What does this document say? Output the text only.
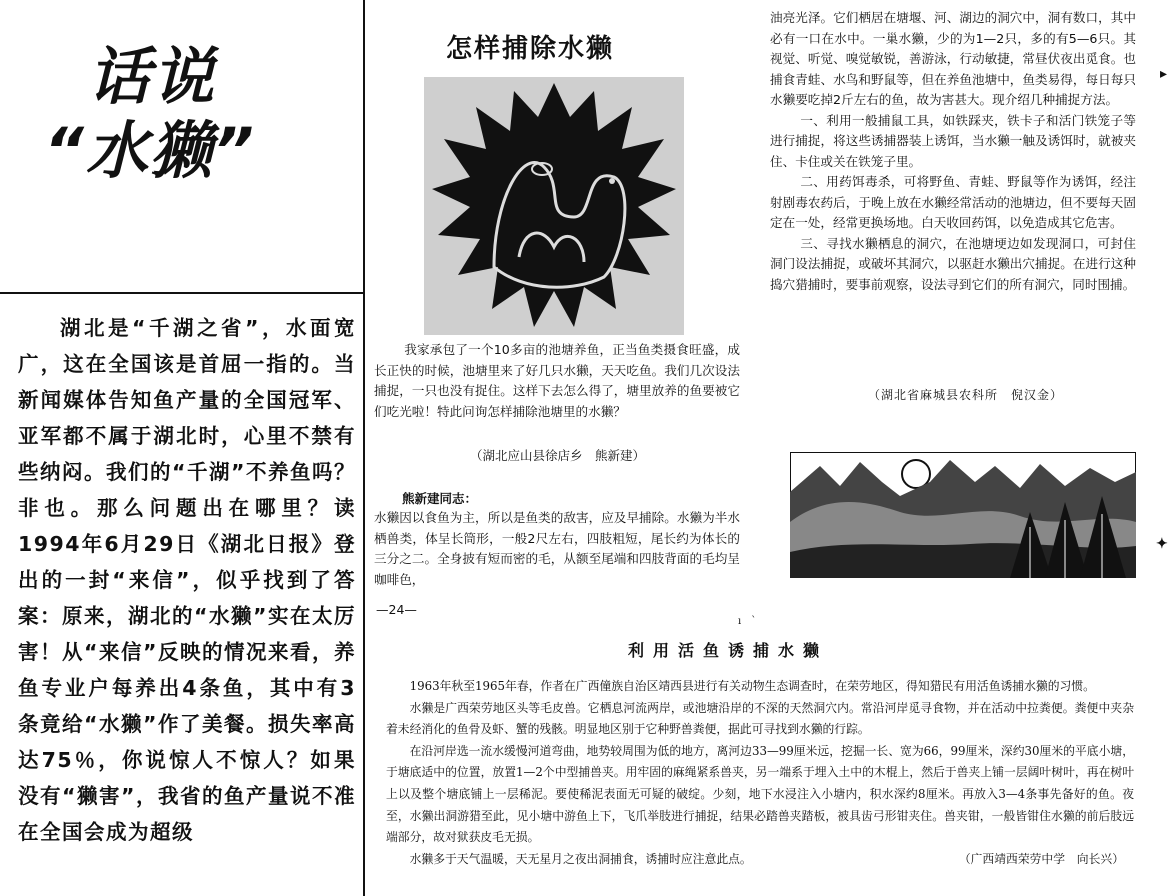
话说
“水獭”
湖北是“千湖之省”，水面宽广，这在全国该是首屈一指的。当新闻媒体告知鱼产量的全国冠军、亚军都不属于湖北时，心里不禁有些纳闷。我们的“千湖”不养鱼吗？非也。那么问题出在哪里？读1994年6月29日《湖北日报》登出的一封“来信”，似乎找到了答案：原来，湖北的“水獭”实在太厉害！从“来信”反映的情况来看，养鱼专业户每养出4条鱼，其中有3条竟给“水獭”作了美餐。损失率高达75％，你说惊人不惊人？如果没有“獭害”，我省的鱼产量说不准在全国会成为超级
怎样捕除水獭
我家承包了一个10多亩的池塘养鱼，正当鱼类摄食旺盛，成长正快的时候，池塘里来了好几只水獭，天天吃鱼。我们几次设法捕捉，一只也没有捉住。这样下去怎么得了，塘里放养的鱼要被它们吃光啦！特此问询怎样捕除池塘里的水獭？
（湖北应山县徐店乡　熊新建）
熊新建同志：
水獭因以食鱼为主，所以是鱼类的敌害，应及早捕除。水獭为半水栖兽类，体呈长筒形，一般2尺左右，四肢粗短，尾长约为体长的三分之二。全身披有短而密的毛，从额至尾端和四肢背面的毛均呈咖啡色，
—24—

油亮光泽。它们栖居在塘堰、河、湖边的洞穴中，洞有数口，其中必有一口在水中。一巢水獭，少的为1—2只，多的有5—6只。其视觉、听觉、嗅觉敏锐，善游泳，行动敏捷，常昼伏夜出觅食。也捕食青蛙、水鸟和野鼠等，但在养鱼池塘中，鱼类易得，每日每只水獭要吃掉2斤左右的鱼，故为害甚大。现介绍几种捕捉方法。

一、利用一般捕鼠工具，如铁踩夹，铁卡子和活门铁笼子等进行捕捉，将这些诱捕器装上诱饵，当水獭一触及诱饵时，就被夹住、卡住或关在铁笼子里。

二、用药饵毒杀，可将野鱼、青蛙、野鼠等作为诱饵，经注射剧毒农药后，于晚上放在水獭经常活动的池塘边，但不要每天固定在一处，经常更换场地。白天收回药饵，以免造成其它危害。

三、寻找水獭栖息的洞穴，在池塘埂边如发现洞口，可封住洞门设法捕捉，或破坏其洞穴，以驱赶水獭出穴捕捉。在进行这种捣穴猎捕时，要事前观察，设法寻到它们的所有洞穴，同时围捕。

（湖北省麻城县农科所　倪汉金）
▸
✦
ı　ˋ
利用活鱼诱捕水獭

1963年秋至1965年春，作者在广西僮族自治区靖西县进行有关动物生态调查时，在荣劳地区，得知猎民有用活鱼诱捕水獭的习惯。

水獭是广西荣劳地区头等毛皮兽。它栖息河流两岸，或池塘沿岸的不深的天然洞穴内。常沿河岸觅寻食物，并在活动中拉粪便。粪便中夹杂着未经消化的鱼骨及虾、蟹的残骸。明显地区别于它种野兽粪便，据此可寻找到水獭的行踪。

在沿河岸选一流水缓慢河道弯曲，地势较周围为低的地方，离河边33—99厘米远，挖掘一长、宽为66，99厘米，深约30厘米的平底小塘，于塘底适中的位置，放置1—2个中型捕兽夹。用牢固的麻绳紧系兽夹，另一端系于埋入土中的木棍上，然后于兽夹上铺一层阔叶树叶，再在树叶上以及整个塘底铺上一层稀泥。要使稀泥表面无可疑的破绽。少刻，地下水浸注入小塘内，积水深约8厘米。再放入3—4条事先备好的鱼。夜至，水獭出洞游猎至此，见小塘中游鱼上下，飞爪举肢进行捕捉，结果必踏兽夹踏板，被具齿弓形钳夹住。兽夹钳，一般皆钳住水獭的前后肢远端部分，故对狱获皮毛无损。

水獭多于天气温暖，天无星月之夜出洞捕食，诱捕时应注意此点。	（广西靖西荣劳中学　向长兴）
